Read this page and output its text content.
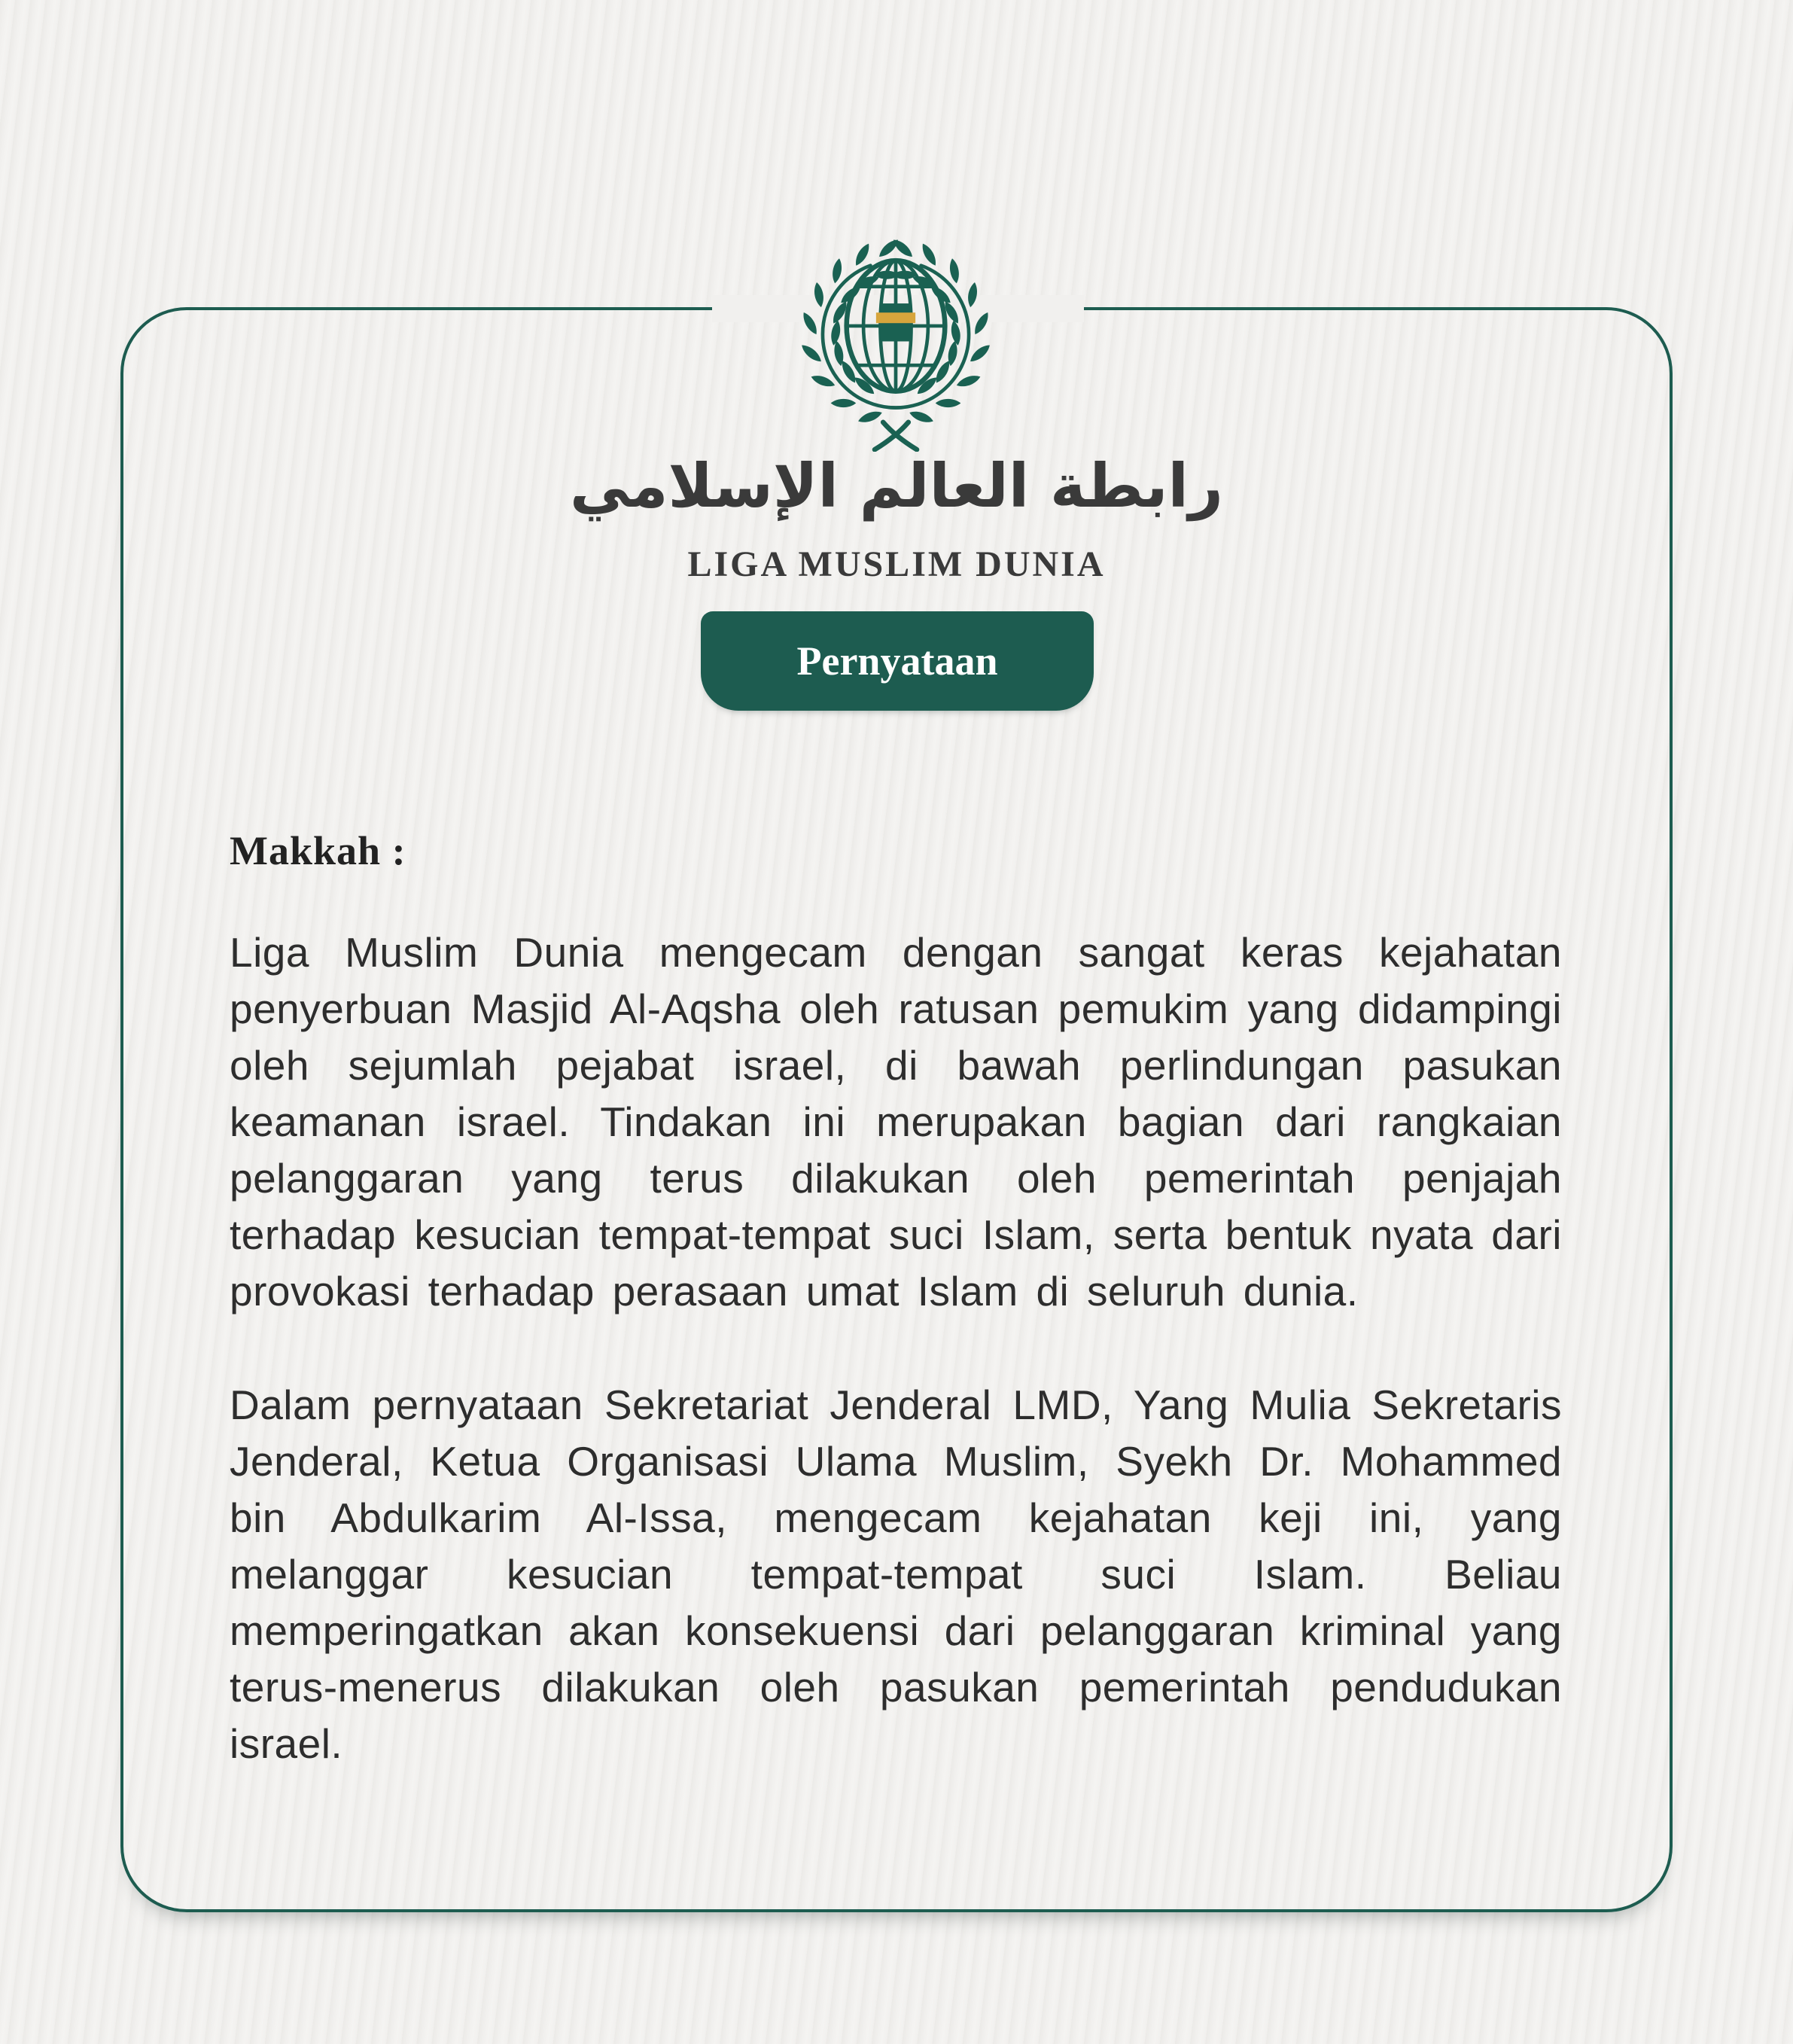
Makkah :

Liga Muslim Dunia mengecam dengan sangat keras kejahatan penyerbuan Masjid Al-Aqsha oleh ratusan pemukim yang didampingi oleh sejumlah pejabat israel, di bawah perlindungan pasukan keamanan israel. Tindakan ini merupakan bagian dari rangkaian pelanggaran yang terus dilakukan oleh pemerintah penjajah terhadap kesucian tempat-tempat suci Islam, serta bentuk nyata dari provokasi terhadap perasaan umat Islam di seluruh dunia.

Dalam pernyataan Sekretariat Jenderal LMD, Yang Mulia Sekretaris Jenderal, Ketua Organisasi Ulama Muslim, Syekh Dr. Mohammed bin Abdulkarim Al-Issa, mengecam kejahatan keji ini, yang melanggar kesucian tempat-tempat suci Islam. Beliau memperingatkan akan konsekuensi dari pelanggaran kriminal yang terus-menerus dilakukan oleh pasukan pemerintah pendudukan israel.

رابطة العالم الإسلامي
LIGA MUSLIM DUNIA
Pernyataan
